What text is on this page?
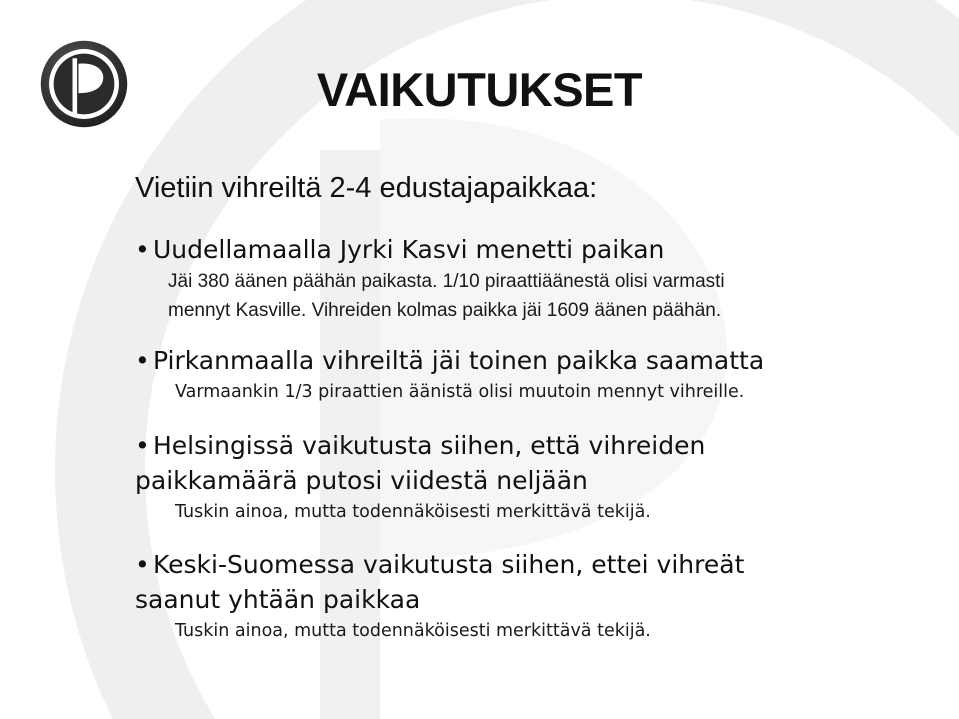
VAIKUTUKSET
Vietiin vihreiltä 2-4 edustajapaikkaa:
• Uudellamaalla Jyrki Kasvi menetti paikan
Jäi 380 äänen päähän paikasta. 1/10 piraattiäänestä olisi varmasti
mennyt Kasville. Vihreiden kolmas paikka jäi 1609 äänen päähän.
• Pirkanmaalla vihreiltä jäi toinen paikka saamatta
Varmaankin 1/3 piraattien äänistä olisi muutoin mennyt vihreille.
• Helsingissä vaikutusta siihen, että vihreiden
paikkamäärä putosi viidestä neljään
Tuskin ainoa, mutta todennäköisesti merkittävä tekijä.
• Keski-Suomessa vaikutusta siihen, ettei vihreät
saanut yhtään paikkaa
Tuskin ainoa, mutta todennäköisesti merkittävä tekijä.
